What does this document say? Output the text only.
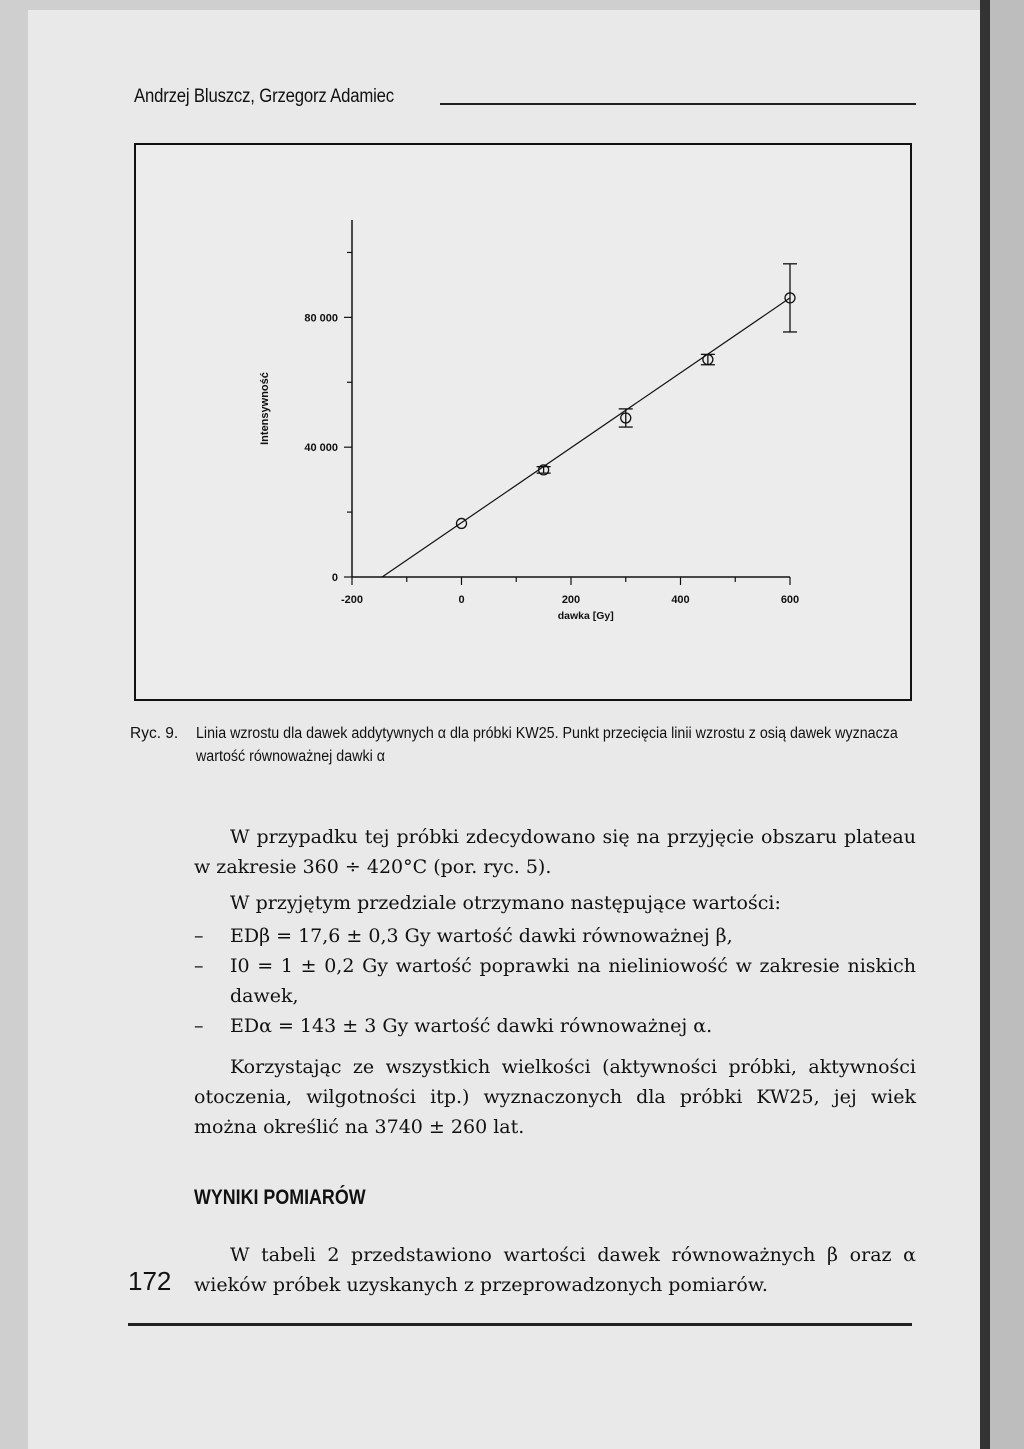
Andrzej Bluszcz, Grzegorz Adamiec
-200	0	200	400	600
0
40 000
80 000
dawka [Gy]
Intensywność
Ryc. 9. Linia wzrostu dla dawek addytywnych α dla próbki KW25. Punkt przecięcia linii wzrostu z osią dawek wyznacza wartość równoważnej dawki α
W przypadku tej próbki zdecydowano się na przyjęcie obszaru plateau w zakresie 360 ÷ 420°C (por. ryc. 5).
W przyjętym przedziale otrzymano następujące wartości:
– EDβ = 17,6 ± 0,3 Gy wartość dawki równoważnej β,
– I0 = 1 ± 0,2 Gy wartość poprawki na nieliniowość w zakresie niskich dawek,
– EDα = 143 ± 3 Gy wartość dawki równoważnej α.
Korzystając ze wszystkich wielkości (aktywności próbki, aktywności otoczenia, wilgotności itp.) wyznaczonych dla próbki KW25, jej wiek można określić na 3740 ± 260 lat.
WYNIKI POMIARÓW
W tabeli 2 przedstawiono wartości dawek równoważnych β oraz α wieków próbek uzyskanych z przeprowadzonych pomiarów.
172
